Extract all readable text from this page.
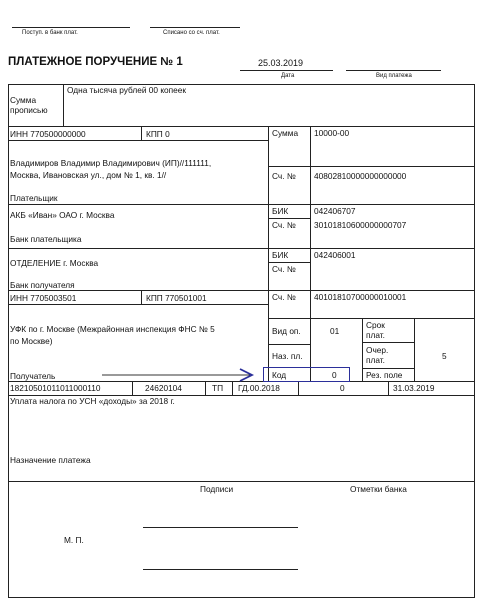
Поступ. в банк плат.	Списано со сч. плат.
ПЛАТЕЖНОЕ ПОРУЧЕНИЕ № 1	25.03.2019
Дата	Вид платежа
Сумма
прописью
Одна тысяча рублей 00 копеек
ИНН 770500000000	КПП 0
Владимиров Владимир Владимирович (ИП)//111111,
Москва, Ивановская ул., дом № 1, кв. 1//
Плательщик
Сумма 10000-00
Сч. № 40802810000000000000
АКБ «Иван» ОАО г. Москва
Банк плательщика
БИК	042406707
Сч. № 30101810600000000707
ОТДЕЛЕНИЕ г. Москва
Банк получателя
БИК	042406001
Сч. №
ИНН 7705003501	КПП 770501001	Сч. № 40101810700000010001
УФК по г. Москве (Межрайонная инспекция ФНС № 5
по Москве)
Получатель
Вид оп.	01
Срок
плат.
Наз. пл.
Очер.
плат.	5
Код	0	Рез. поле
18210501011011000110	24620104	ТП ГД.00.2018	0	31.03.2019
Уплата налога по УСН «доходы» за 2018 г.
Назначение платежа
Подписи	Отметки банка
М. П.
